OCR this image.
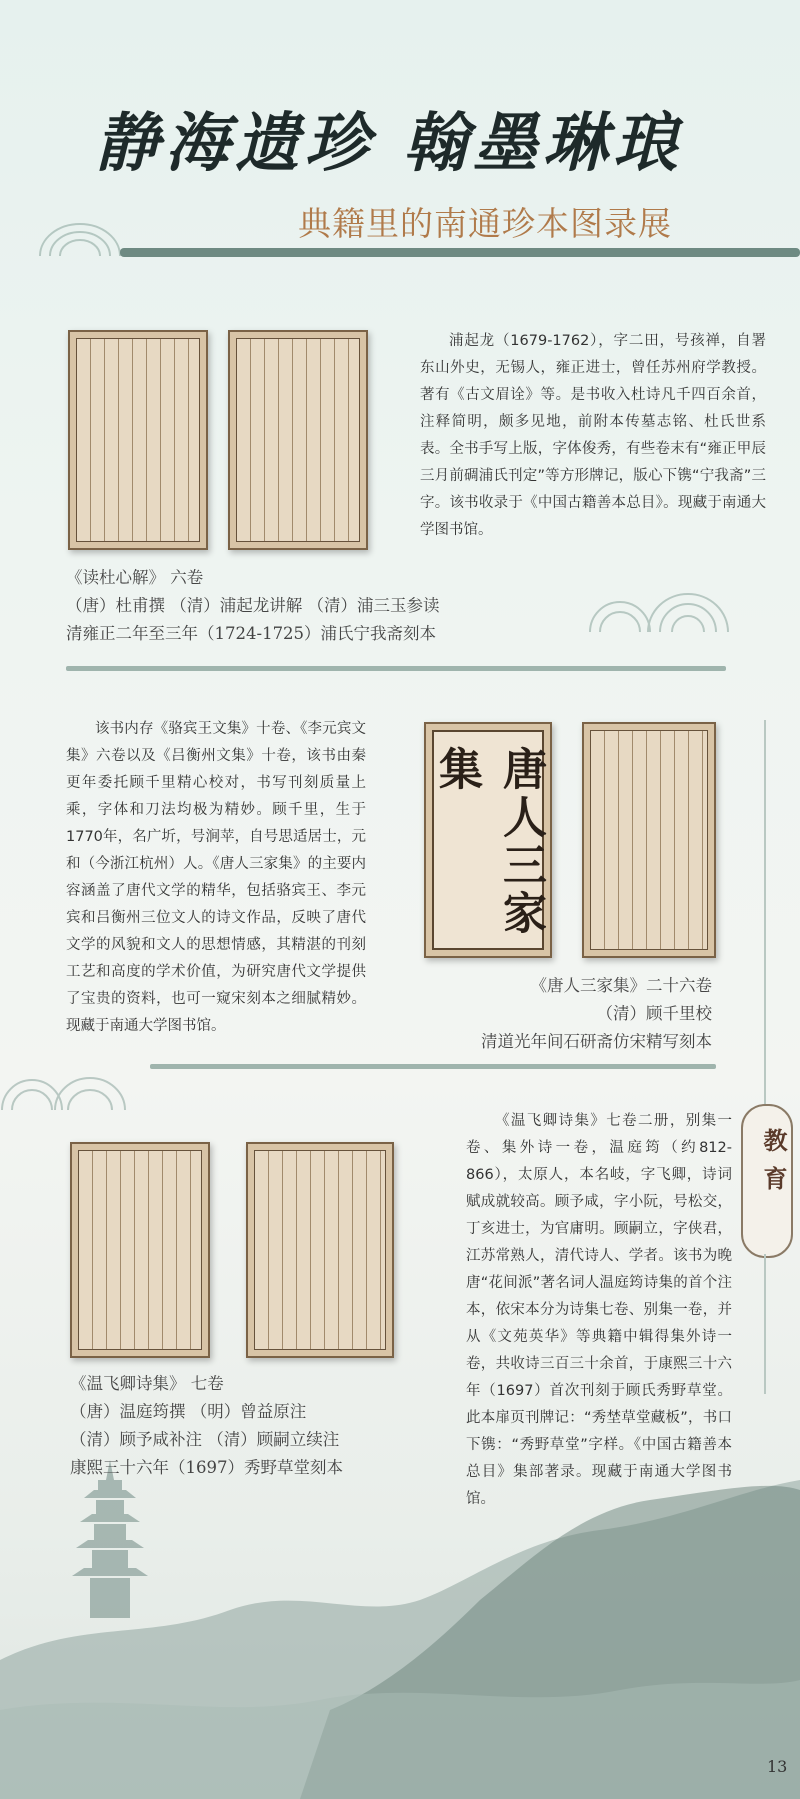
静海遗珍 翰墨琳琅
典籍里的南通珍本图录展
浦起龙（1679-1762），字二田，号孩禅，自署东山外史，无锡人，雍正进士，曾任苏州府学教授。著有《古文眉诠》等。是书收入杜诗凡千四百余首，注释简明，颇多见地，前附本传墓志铭、杜氏世系表。全书手写上版，字体俊秀，有些卷末有“雍正甲辰三月前碉浦氏刊定”等方形牌记，版心下镌“宁我斋”三字。该书收录于《中国古籍善本总目》。现藏于南通大学图书馆。
《读杜心解》 六卷
（唐）杜甫撰 （清）浦起龙讲解 （清）浦三玉参读
清雍正二年至三年（1724-1725）浦氏宁我斋刻本
该书内存《骆宾王文集》十卷、《李元宾文集》六卷以及《吕衡州文集》十卷，该书由秦更年委托顾千里精心校对，书写刊刻质量上乘，字体和刀法均极为精妙。顾千里，生于1770年，名广圻，号涧苹，自号思适居士，元和（今浙江杭州）人。《唐人三家集》的主要内容涵盖了唐代文学的精华，包括骆宾王、李元宾和吕衡州三位文人的诗文作品，反映了唐代文学的风貌和文人的思想情感，其精湛的刊刻工艺和高度的学术价值，为研究唐代文学提供了宝贵的资料，也可一窥宋刻本之细腻精妙。现藏于南通大学图书馆。
唐人三家集
《唐人三家集》二十六卷
（清）顾千里校
清道光年间石研斋仿宋精写刻本
《温飞卿诗集》七卷二册，别集一卷、集外诗一卷，温庭筠（约812-866），太原人，本名岐，字飞卿，诗词赋成就较高。顾予咸，字小阮，号松交，丁亥进士，为官庸明。顾嗣立，字侠君，江苏常熟人，清代诗人、学者。该书为晚唐“花间派”著名词人温庭筠诗集的首个注本，依宋本分为诗集七卷、别集一卷，并从《文苑英华》等典籍中辑得集外诗一卷，共收诗三百三十余首，于康熙三十六年（1697）首次刊刻于顾氏秀野草堂。此本扉页刊牌记：“秀埜草堂藏板”，书口下镌：“秀野草堂”字样。《中国古籍善本总目》集部著录。现藏于南通大学图书馆。
《温飞卿诗集》 七卷
（唐）温庭筠撰 （明）曾益原注
（清）顾予咸补注 （清）顾嗣立续注
康熙三十六年（1697）秀野草堂刻本
教育
13
